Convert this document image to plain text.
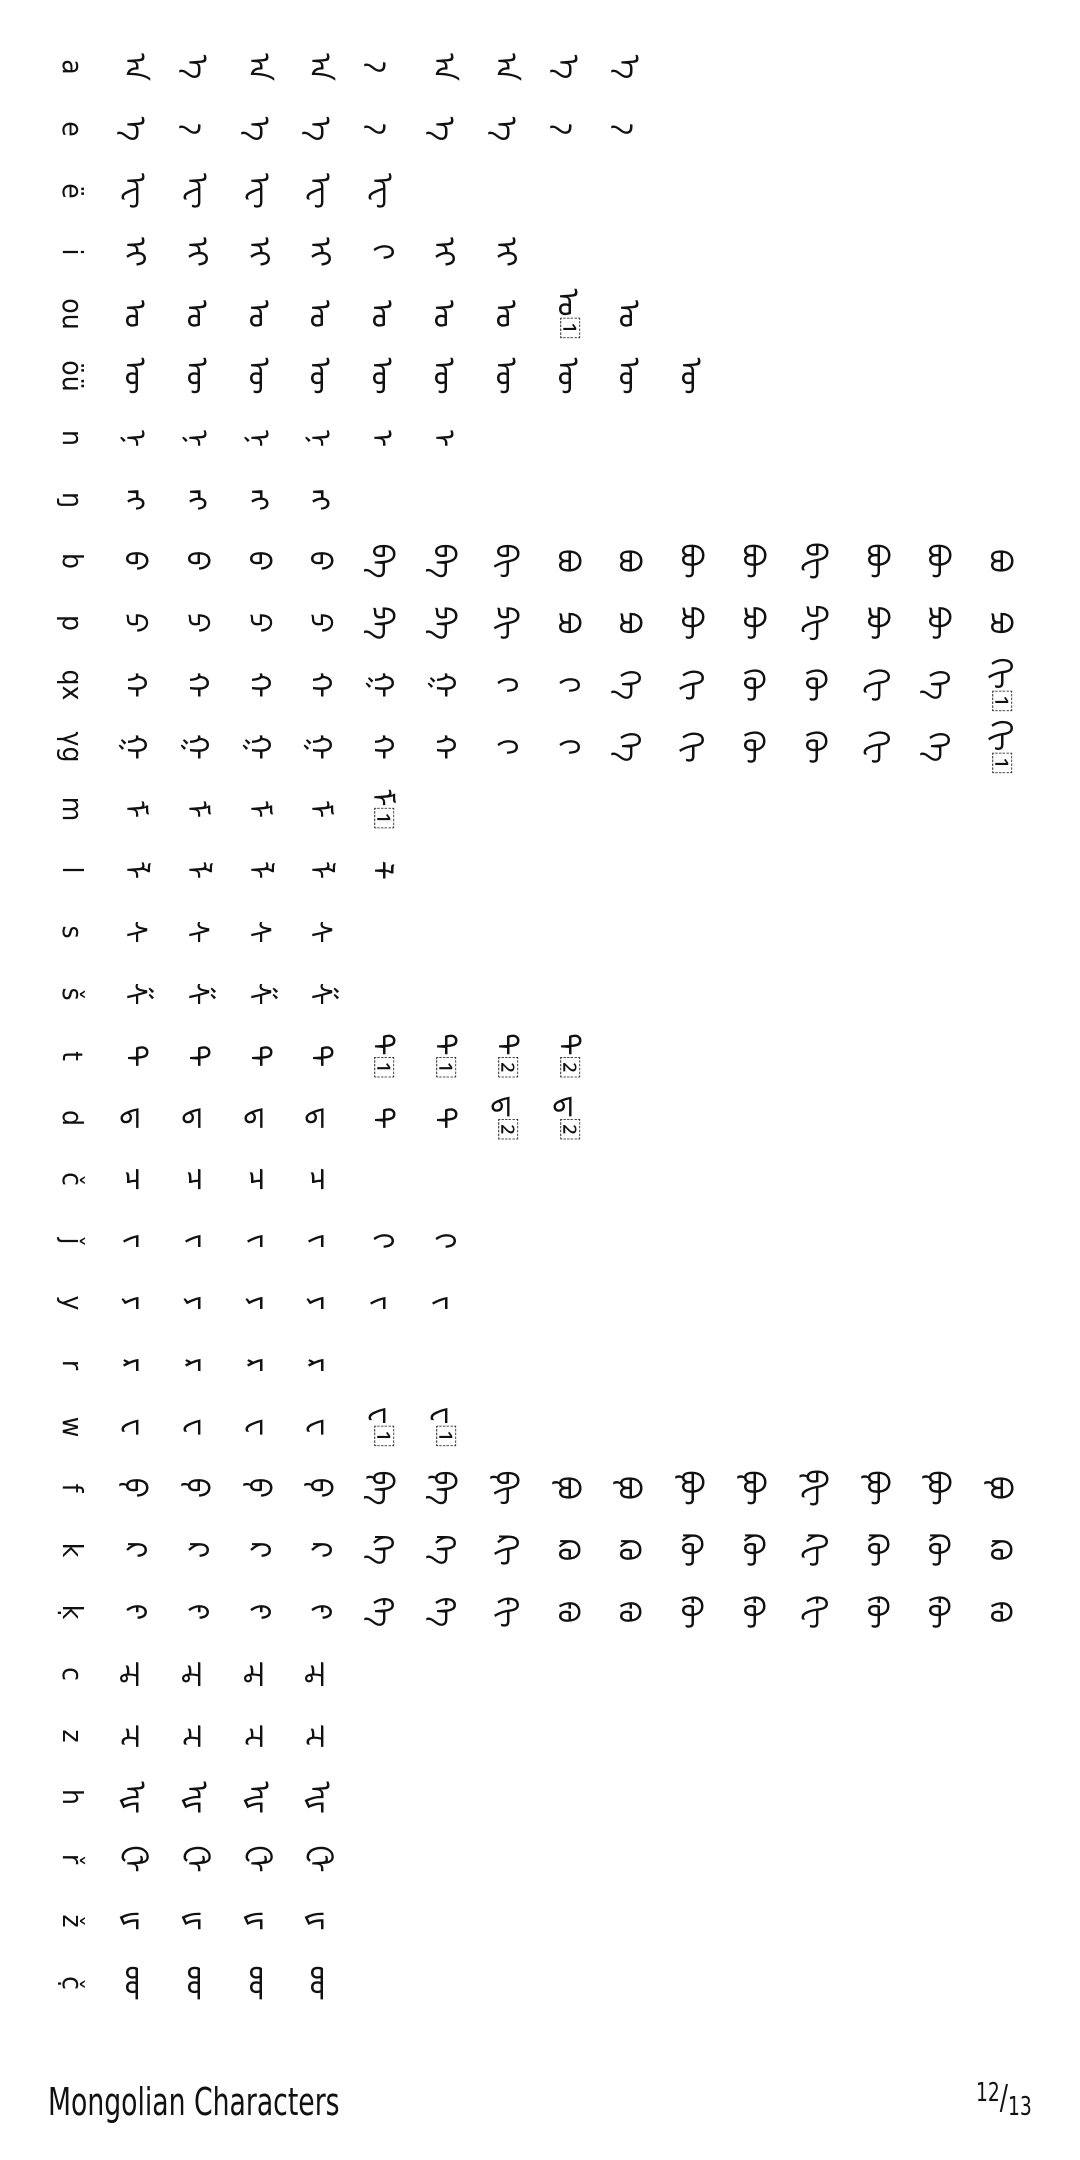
a ᠠ ᠠ᠋ ᠠ ᠠ ᠠ᠌ ᠠ ᠠ ᠠ᠋ ᠠ᠋
e ᠡ ᠡ᠋ ᠡ ᠡ ᠡ᠋ ᠡ ᠡ ᠡ᠋ ᠡ᠋
ë ᠧ ᠧ ᠧ ᠧ ᠧ
i ᠢ ᠢ ᠢ ᠢ ᠢ᠋ ᠢ ᠢ
ou ᠣ ᠣ ᠣ ᠣ ᠣ ᠣ ᠣ ᠣ᠋ ᠣ
öü ᠥ ᠥ ᠥ ᠥ ᠥ ᠥ ᠥ ᠥ ᠥ ᠥ
n ᠨ ᠨ ᠨ ᠨ ᠨ᠋ ᠨ᠋
ŋ ᠩ ᠩ ᠩ ᠩ
b ᠪ ᠪ ᠪ ᠪ ᠪᠠ ᠪᠡ ᠪᠢ ᠪᠣ ᠪᠤ ᠪᠥ ᠪᠦ ᠪᠧ ᠪᠥ᠋ ᠪᠦ᠋ ᠪᠤ᠋
p ᠫ ᠫ ᠫ ᠫ ᠫᠠ ᠫᠡ ᠫᠢ ᠫᠣ ᠫᠤ ᠫᠥ ᠫᠦ ᠫᠧ ᠫᠥ᠋ ᠫᠦ᠋ ᠫᠤ᠋
qx ᠬ ᠬ ᠬ ᠬ ᠬ᠋ ᠬ᠋ ᠬ᠌ ᠬ᠌ ᠬᠡ ᠬᠢ ᠬᠥ ᠬᠦ ᠬᠧ ᠬᠡ᠋ ᠬᠢ᠋
γg ᠭ ᠭ ᠭ ᠭ ᠭ᠋ ᠭ᠋ ᠭ᠌ ᠭ᠌ ᠭᠡ ᠭᠢ ᠭᠥ ᠭᠦ ᠭᠧ ᠭᠡ᠋ ᠭᠢ᠋
m ᠮ ᠮ ᠮ ᠮ ᠮ᠋
l ᠯ ᠯ ᠯ ᠯ ᠯ᠋
s ᠰ ᠰ ᠰ ᠰ
š ᠱ ᠱ ᠱ ᠱ
t ᠲ ᠲ ᠲ ᠲ ᠲ᠋ ᠲ᠋ ᠲ᠌ ᠲ᠌
d ᠳ ᠳ ᠳ ᠳ ᠳ᠋ ᠳ᠋ ᠳ᠌ ᠳ᠌
č ᠴ ᠴ ᠴ ᠴ
ǰ ᠵ ᠵ ᠵ ᠵ ᠵ᠋ ᠵ᠋
y ᠶ ᠶ ᠶ ᠶ ᠶ᠋ ᠶ᠋
r ᠷ ᠷ ᠷ ᠷ
w ᠸ ᠸ ᠸ ᠸ ᠸ᠋ ᠸ᠋
f ᠹ ᠹ ᠹ ᠹ ᠹᠠ ᠹᠡ ᠹᠢ ᠹᠣ ᠹᠤ ᠹᠥ ᠹᠦ ᠹᠧ ᠹᠥ᠋ ᠹᠦ᠋ ᠹᠤ᠋
k ᠺ ᠺ ᠺ ᠺ ᠺᠠ ᠺᠡ ᠺᠢ ᠺᠣ ᠺᠤ ᠺᠥ ᠺᠦ ᠺᠧ ᠺᠥ᠋ ᠺᠦ᠋ ᠺᠤ᠋
ḳ ᠻ ᠻ ᠻ ᠻ ᠻᠠ ᠻᠡ ᠻᠢ ᠻᠣ ᠻᠤ ᠻᠥ ᠻᠦ ᠻᠧ ᠻᠥ᠋ ᠻᠦ᠋ ᠻᠤ᠋
c ᠼ ᠼ ᠼ ᠼ
z ᠽ ᠽ ᠽ ᠽ
h ᠾ ᠾ ᠾ ᠾ
ř ᠿ ᠿ ᠿ ᠿ
ž ᡁ ᡁ ᡁ ᡁ
č̣ ᡂ ᡂ ᡂ ᡂ
Mongolian Characters	12/13
